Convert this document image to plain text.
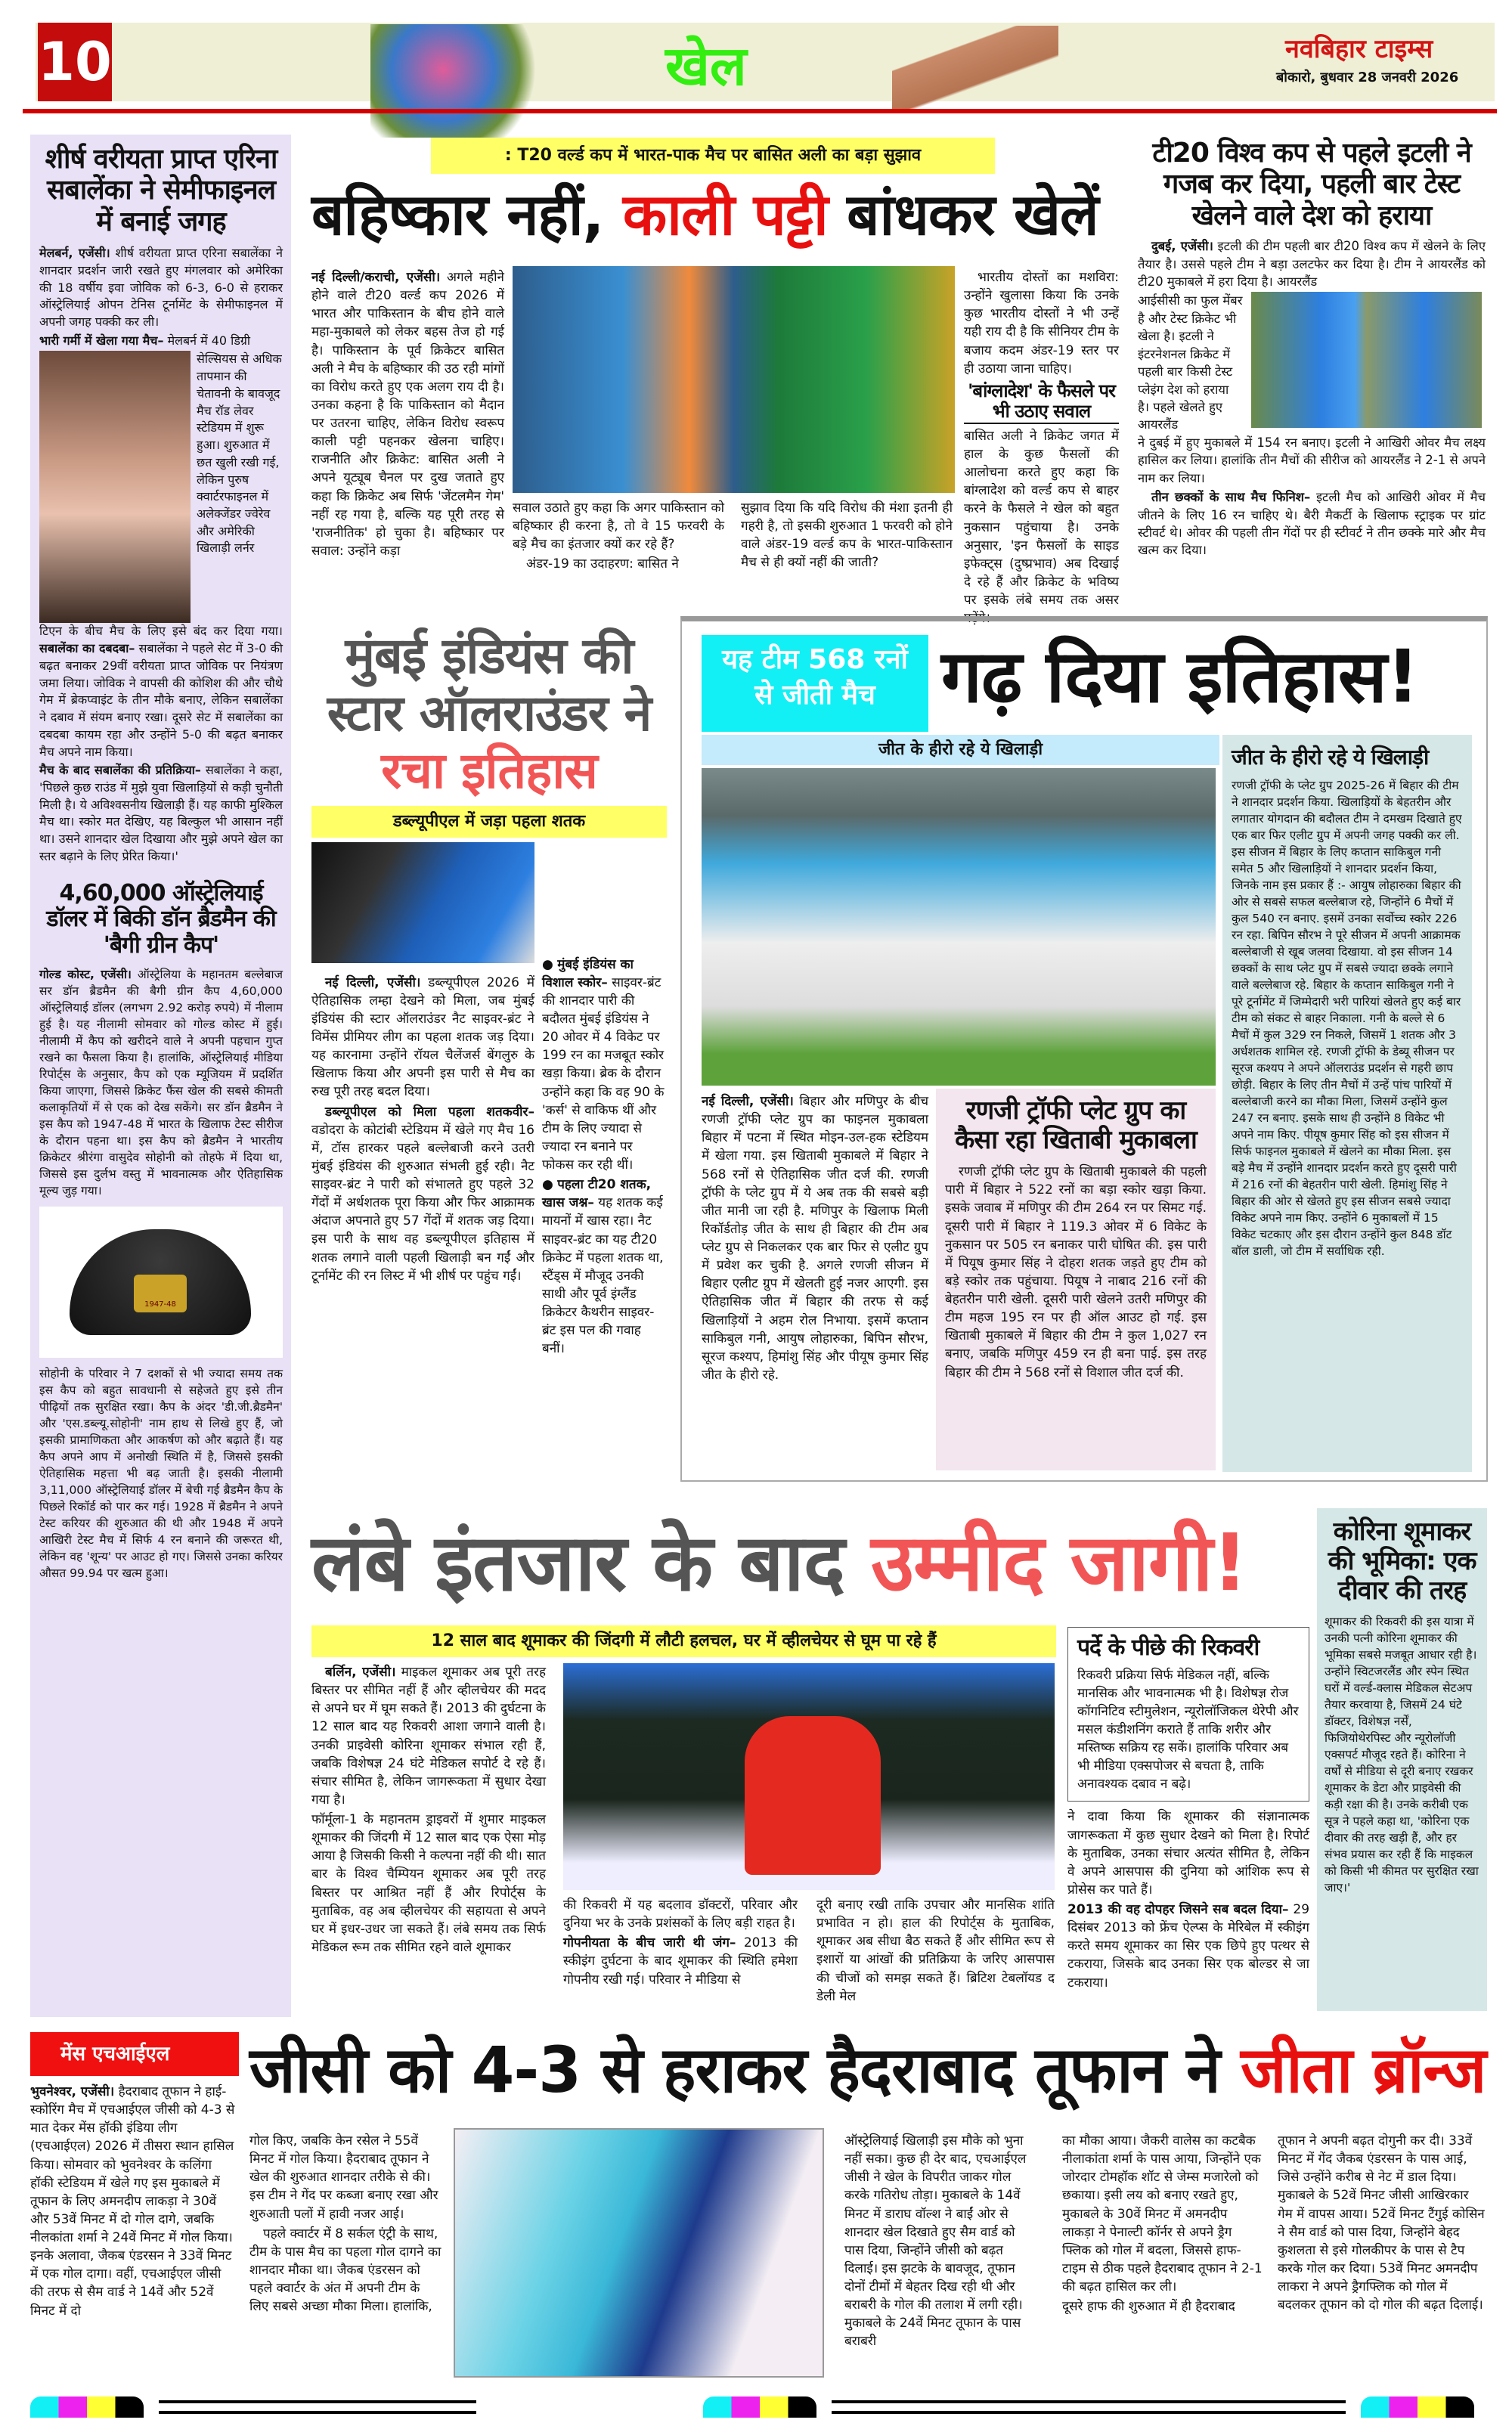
10	खेल	नवबिहार टाइम्स
बोकारो, बुधवार 28 जनवरी 2026
शीर्ष वरीयता प्राप्त एरिना सबालेंका ने सेमीफाइनल में बनाई जगह

मेलबर्न, एजेंसी। शीर्ष वरीयता प्राप्त एरिना सबालेंका ने शानदार प्रदर्शन जारी रखते हुए मंगलवार को अमेरिका की 18 वर्षीय इवा जोविक को 6-3, 6-0 से हराकर ऑस्ट्रेलियाई ओपन टेनिस टूर्नामेंट के सेमीफाइनल में अपनी जगह पक्की कर ली।

भारी गर्मी में खेला गया मैच– मेलबर्न में 40 डिग्री

सेल्सियस से अधिक तापमान की चेतावनी के बावजूद मैच रॉड लेवर स्टेडियम में शुरू हुआ। शुरुआत में छत खुली रखी गई, लेकिन पुरुष क्वार्टरफाइनल में अलेक्जेंडर ज्वेरेव और अमेरिकी खिलाड़ी लर्नर

टिएन के बीच मैच के लिए इसे बंद कर दिया गया। सबालेंका का दबदबा– सबालेंका ने पहले सेट में 3-0 की बढ़त बनाकर 29वीं वरीयता प्राप्त जोविक पर नियंत्रण जमा लिया। जोविक ने वापसी की कोशिश की और चौथे गेम में ब्रेकप्वाइंट के तीन मौके बनाए, लेकिन सबालेंका ने दबाव में संयम बनाए रखा। दूसरे सेट में सबालेंका का दबदबा कायम रहा और उन्होंने 5-0 की बढ़त बनाकर मैच अपने नाम किया।

मैच के बाद सबालेंका की प्रतिक्रिया– सबालेंका ने कहा, 'पिछले कुछ राउंड में मुझे युवा खिलाड़ियों से कड़ी चुनौती मिली है। ये अविश्वसनीय खिलाड़ी हैं। यह काफी मुश्किल मैच था। स्कोर मत देखिए, यह बिल्कुल भी आसान नहीं था। उसने शानदार खेल दिखाया और मुझे अपने खेल का स्तर बढ़ाने के लिए प्रेरित किया।'

4,60,000 ऑस्ट्रेलियाई डॉलर में बिकी डॉन ब्रैडमैन की 'बैगी ग्रीन कैप'

गोल्ड कोस्ट, एजेंसी। ऑस्ट्रेलिया के महानतम बल्लेबाज सर डॉन ब्रैडमैन की बैगी ग्रीन कैप 4,60,000 ऑस्ट्रेलियाई डॉलर (लगभग 2.92 करोड़ रुपये) में नीलाम हुई है। यह नीलामी सोमवार को गोल्ड कोस्ट में हुई। नीलामी में कैप को खरीदने वाले ने अपनी पहचान गुप्त रखने का फैसला किया है। हालांकि, ऑस्ट्रेलियाई मीडिया रिपोर्ट्स के अनुसार, कैप को एक म्यूजियम में प्रदर्शित किया जाएगा, जिससे क्रिकेट फैंस खेल की सबसे कीमती कलाकृतियों में से एक को देख सकेंगे। सर डॉन ब्रैडमैन ने इस कैप को 1947-48 में भारत के खिलाफ टेस्ट सीरीज के दौरान पहना था। इस कैप को ब्रैडमैन ने भारतीय क्रिकेटर श्रीरंगा वासुदेव सोहोनी को तोहफे में दिया था, जिससे इस दुर्लभ वस्तु में भावनात्मक और ऐतिहासिक मूल्य जुड़ गया।

1947-48

सोहोनी के परिवार ने 7 दशकों से भी ज्यादा समय तक इस कैप को बहुत सावधानी से सहेजते हुए इसे तीन पीढ़ियों तक सुरक्षित रखा। कैप के अंदर 'डी.जी.ब्रैडमैन' और 'एस.डब्ल्यू.सोहोनी' नाम हाथ से लिखे हुए हैं, जो इसकी प्रामाणिकता और आकर्षण को और बढ़ाते हैं। यह कैप अपने आप में अनोखी स्थिति में है, जिससे इसकी ऐतिहासिक महत्ता भी बढ़ जाती है। इसकी नीलामी 3,11,000 ऑस्ट्रेलियाई डॉलर में बेची गई ब्रैडमैन कैप के पिछले रिकॉर्ड को पार कर गई। 1928 में ब्रैडमैन ने अपने टेस्ट करियर की शुरुआत की थी और 1948 में अपने आखिरी टेस्ट मैच में सिर्फ 4 रन बनाने की जरूरत थी, लेकिन वह 'शून्य' पर आउट हो गए। जिससे उनका करियर औसत 99.94 पर खत्म हुआ।

: T20 वर्ल्ड कप में भारत-पाक मैच पर बासित अली का बड़ा सुझाव
बहिष्कार नहीं, काली पट्टी बांधकर खेलें

नई दिल्ली/कराची, एजेंसी। अगले महीने होने वाले टी20 वर्ल्ड कप 2026 में भारत और पाकिस्तान के बीच होने वाले महा-मुकाबले को लेकर बहस तेज हो गई है। पाकिस्तान के पूर्व क्रिकेटर बासित अली ने मैच के बहिष्कार की उठ रही मांगों का विरोध करते हुए एक अलग राय दी है। उनका कहना है कि पाकिस्तान को मैदान पर उतरना चाहिए, लेकिन विरोध स्वरूप काली पट्टी पहनकर खेलना चाहिए। राजनीति और क्रिकेट: बासित अली ने अपने यूट्यूब चैनल पर दुख जताते हुए कहा कि क्रिकेट अब सिर्फ 'जेंटलमैन गेम' नहीं रह गया है, बल्कि यह पूरी तरह से 'राजनीतिक' हो चुका है। बहिष्कार पर सवाल: उन्होंने कड़ा

सवाल उठाते हुए कहा कि अगर पाकिस्तान को बहिष्कार ही करना है, तो वे 15 फरवरी के बड़े मैच का इंतजार क्यों कर रहे हैं?

अंडर-19 का उदाहरण: बासित ने

सुझाव दिया कि यदि विरोध की मंशा इतनी ही गहरी है, तो इसकी शुरुआत 1 फरवरी को होने वाले अंडर-19 वर्ल्ड कप के भारत-पाकिस्तान मैच से ही क्यों नहीं की जाती?

भारतीय दोस्तों का मशविरा: उन्होंने खुलासा किया कि उनके कुछ भारतीय दोस्तों ने भी उन्हें यही राय दी है कि सीनियर टीम के बजाय कदम अंडर-19 स्तर पर ही उठाया जाना चाहिए।

'बांग्लादेश' के फैसले पर भी उठाए सवाल

बासित अली ने क्रिकेट जगत में हाल के कुछ फैसलों की आलोचना करते हुए कहा कि बांग्लादेश को वर्ल्ड कप से बाहर करने के फैसले ने खेल को बहुत नुकसान पहुंचाया है। उनके अनुसार, 'इन फैसलों के साइड इफेक्ट्स (दुष्प्रभाव) अब दिखाई दे रहे हैं और क्रिकेट के भविष्य पर इसके लंबे समय तक असर पड़ेंगे।

टी20 विश्व कप से पहले इटली ने गजब कर दिया, पहली बार टेस्ट खेलने वाले देश को हराया

दुबई, एजेंसी। इटली की टीम पहली बार टी20 विश्व कप में खेलने के लिए तैयार है। उससे पहले टीम ने बड़ा उलटफेर कर दिया है। टीम ने आयरलैंड को टी20 मुकाबले में हरा दिया है। आयरलैंड

आईसीसी का फुल मेंबर है और टेस्ट क्रिकेट भी खेला है। इटली ने इंटरनेशनल क्रिकेट में पहली बार किसी टेस्ट प्लेइंग देश को हराया है। पहले खेलते हुए आयरलैंड

ने दुबई में हुए मुकाबले में 154 रन बनाए। इटली ने आखिरी ओवर मैच लक्ष्य हासिल कर लिया। हालांकि तीन मैचों की सीरीज को आयरलैंड ने 2-1 से अपने नाम कर लिया।

तीन छक्कों के साथ मैच फिनिश– इटली मैच को आखिरी ओवर में मैच जीतने के लिए 16 रन चाहिए थे। बैरी मैकर्टी के खिलाफ स्ट्राइक पर ग्रांट स्टीवर्ट थे। ओवर की पहली तीन गेंदों पर ही स्टीवर्ट ने तीन छक्के मारे और मैच खत्म कर दिया।

मुंबई इंडियंस की स्टार ऑलराउंडर ने रचा इतिहास
डब्ल्यूपीएल में जड़ा पहला शतक

नई दिल्ली, एजेंसी। डब्ल्यूपीएल 2026 में ऐतिहासिक लम्हा देखने को मिला, जब मुंबई इंडियंस की स्टार ऑलराउंडर नैट साइवर-ब्रंट ने विमेंस प्रीमियर लीग का पहला शतक जड़ दिया। यह कारनामा उन्होंने रॉयल चैलेंजर्स बेंगलुरु के खिलाफ किया और अपनी इस पारी से मैच का रुख पूरी तरह बदल दिया।

डब्ल्यूपीएल को मिला पहला शतकवीर– वडोदरा के कोटांबी स्टेडियम में खेले गए मैच 16 में, टॉस हारकर पहले बल्लेबाजी करने उतरी मुंबई इंडियंस की शुरुआत संभली हुई रही। नैट साइवर-ब्रंट ने पारी को संभालते हुए पहले 32 गेंदों में अर्धशतक पूरा किया और फिर आक्रामक अंदाज अपनाते हुए 57 गेंदों में शतक जड़ दिया। इस पारी के साथ वह डब्ल्यूपीएल इतिहास में शतक लगाने वाली पहली खिलाड़ी बन गईं और टूर्नामेंट की रन लिस्ट में भी शीर्ष पर पहुंच गईं।

● मुंबई इंडियंस का विशाल स्कोर– साइवर-ब्रंट की शानदार पारी की बदौलत मुंबई इंडियंस ने 20 ओवर में 4 विकेट पर 199 रन का मजबूत स्कोर खड़ा किया। ब्रेक के दौरान उन्होंने कहा कि वह 90 के 'कर्स' से वाकिफ थीं और टीम के लिए ज्यादा से ज्यादा रन बनाने पर फोकस कर रही थीं।

● पहला टी20 शतक, खास जश्न– यह शतक कई मायनों में खास रहा। नैट साइवर-ब्रंट का यह टी20 क्रिकेट में पहला शतक था, स्टैंड्स में मौजूद उनकी साथी और पूर्व इंग्लैंड क्रिकेटर कैथरीन साइवर-ब्रंट इस पल की गवाह बनीं।

यह टीम 568 रनों से जीती मैच गढ़ दिया इतिहास!
जीत के हीरो रहे ये खिलाड़ी

नई दिल्ली, एजेंसी। बिहार और मणिपुर के बीच रणजी ट्रॉफी प्लेट ग्रुप का फाइनल मुकाबला बिहार में पटना में स्थित मोइन-उल-हक स्टेडियम में खेला गया. इस खिताबी मुकाबले में बिहार ने 568 रनों से ऐतिहासिक जीत दर्ज की. रणजी ट्रॉफी के प्लेट ग्रुप में ये अब तक की सबसे बड़ी जीत मानी जा रही है. मणिपुर के खिलाफ मिली रिकॉर्डतोड़ जीत के साथ ही बिहार की टीम अब प्लेट ग्रुप से निकलकर एक बार फिर से एलीट ग्रुप में प्रवेश कर चुकी है. अगले रणजी सीजन में बिहार एलीट ग्रुप में खेलती हुई नजर आएगी. इस ऐतिहासिक जीत में बिहार की तरफ से कई खिलाड़ियों ने अहम रोल निभाया. इसमें कप्तान साकिबुल गनी, आयुष लोहारुका, बिपिन सौरभ, सूरज कश्यप, हिमांशु सिंह और पीयूष कुमार सिंह जीत के हीरो रहे.

रणजी ट्रॉफी प्लेट ग्रुप का कैसा रहा खिताबी मुकाबला

रणजी ट्रॉफी प्लेट ग्रुप के खिताबी मुकाबले की पहली पारी में बिहार ने 522 रनों का बड़ा स्कोर खड़ा किया. इसके जवाब में मणिपुर की टीम 264 रन पर सिमट गई. दूसरी पारी में बिहार ने 119.3 ओवर में 6 विकेट के नुकसान पर 505 रन बनाकर पारी घोषित की. इस पारी में पियूष कुमार सिंह ने दोहरा शतक जड़ते हुए टीम को बड़े स्कोर तक पहुंचाया. पियूष ने नाबाद 216 रनों की बेहतरीन पारी खेली. दूसरी पारी खेलने उतरी मणिपुर की टीम महज 195 रन पर ही ऑल आउट हो गई. इस खिताबी मुकाबले में बिहार की टीम ने कुल 1,027 रन बनाए, जबकि मणिपुर 459 रन ही बना पाई. इस तरह बिहार की टीम ने 568 रनों से विशाल जीत दर्ज की.

जीत के हीरो रहे ये खिलाड़ी

रणजी ट्रॉफी के प्लेट ग्रुप 2025-26 में बिहार की टीम ने शानदार प्रदर्शन किया. खिलाड़ियों के बेहतरीन और लगातार योगदान की बदौलत टीम ने दमखम दिखाते हुए एक बार फिर एलीट ग्रुप में अपनी जगह पक्की कर ली. इस सीजन में बिहार के लिए कप्तान साकिबुल गनी समेत 5 और खिलाड़ियों ने शानदार प्रदर्शन किया, जिनके नाम इस प्रकार हैं :- आयुष लोहारुका बिहार की ओर से सबसे सफल बल्लेबाज रहे, जिन्होंने 6 मैचों में कुल 540 रन बनाए. इसमें उनका सर्वोच्च स्कोर 226 रन रहा. बिपिन सौरभ ने पूरे सीजन में अपनी आक्रामक बल्लेबाजी से खूब जलवा दिखाया. वो इस सीजन 14 छक्कों के साथ प्लेट ग्रुप में सबसे ज्यादा छक्के लगाने वाले बल्लेबाज रहे. बिहार के कप्तान साकिबुल गनी ने पूरे टूर्नामेंट में जिम्मेदारी भरी पारियां खेलते हुए कई बार टीम को संकट से बाहर निकाला. गनी के बल्ले से 6 मैचों में कुल 329 रन निकले, जिसमें 1 शतक और 3 अर्धशतक शामिल रहे. रणजी ट्रॉफी के डेब्यू सीजन पर सूरज कश्यप ने अपने ऑलराउंड प्रदर्शन से गहरी छाप छोड़ी. बिहार के लिए तीन मैचों में उन्हें पांच पारियों में बल्लेबाजी करने का मौका मिला, जिसमें उन्होंने कुल 247 रन बनाए. इसके साथ ही उन्होंने 8 विकेट भी अपने नाम किए. पीयूष कुमार सिंह को इस सीजन में सिर्फ फाइनल मुकाबले में खेलने का मौका मिला. इस बड़े मैच में उन्होंने शानदार प्रदर्शन करते हुए दूसरी पारी में 216 रनों की बेहतरीन पारी खेली. हिमांशु सिंह ने बिहार की ओर से खेलते हुए इस सीजन सबसे ज्यादा विकेट अपने नाम किए. उन्होंने 6 मुकाबलों में 15 विकेट चटकाए और इस दौरान उन्होंने कुल 848 डॉट बॉल डाली, जो टीम में सर्वाधिक रही.

लंबे इंतजार के बाद उम्मीद जागी!
12 साल बाद शूमाकर की जिंदगी में लौटी हलचल, घर में व्हीलचेयर से घूम पा रहे हैं

बर्लिन, एजेंसी। माइकल शूमाकर अब पूरी तरह बिस्तर पर सीमित नहीं हैं और व्हीलचेयर की मदद से अपने घर में घूम सकते हैं। 2013 की दुर्घटना के 12 साल बाद यह रिकवरी आशा जगाने वाली है। उनकी प्राइवेसी कोरिना शूमाकर संभाल रही हैं, जबकि विशेषज्ञ 24 घंटे मेडिकल सपोर्ट दे रहे हैं। संचार सीमित है, लेकिन जागरूकता में सुधार देखा गया है।

फॉर्मूला-1 के महानतम ड्राइवरों में शुमार माइकल शूमाकर की जिंदगी में 12 साल बाद एक ऐसा मोड़ आया है जिसकी किसी ने कल्पना नहीं की थी। सात बार के विश्व चैम्पियन शूमाकर अब पूरी तरह बिस्तर पर आश्रित नहीं हैं और रिपोर्ट्स के मुताबिक, वह अब व्हीलचेयर की सहायता से अपने घर में इधर-उधर जा सकते हैं। लंबे समय तक सिर्फ मेडिकल रूम तक सीमित रहने वाले शूमाकर

की रिकवरी में यह बदलाव डॉक्टरों, परिवार और दुनिया भर के उनके प्रशंसकों के लिए बड़ी राहत है।

गोपनीयता के बीच जारी थी जंग– 2013 की स्कीइंग दुर्घटना के बाद शूमाकर की स्थिति हमेशा गोपनीय रखी गई। परिवार ने मीडिया से

दूरी बनाए रखी ताकि उपचार और मानसिक शांति प्रभावित न हो। हाल की रिपोर्ट्स के मुताबिक, शूमाकर अब सीधा बैठ सकते हैं और सीमित रूप से इशारों या आंखों की प्रतिक्रिया के जरिए आसपास की चीजों को समझ सकते हैं। ब्रिटिश टेबलॉयड द डेली मेल

पर्दे के पीछे की रिकवरी

रिकवरी प्रक्रिया सिर्फ मेडिकल नहीं, बल्कि मानसिक और भावनात्मक भी है। विशेषज्ञ रोज कॉगनिटिव स्टीमुलेशन, न्यूरोलॉजिकल थेरेपी और मसल कंडीशनिंग कराते हैं ताकि शरीर और मस्तिष्क सक्रिय रह सकें। हालांकि परिवार अब भी मीडिया एक्सपोजर से बचता है, ताकि अनावश्यक दबाव न बढ़े।

ने दावा किया कि शूमाकर की संज्ञानात्मक जागरूकता में कुछ सुधार देखने को मिला है। रिपोर्ट के मुताबिक, उनका संचार अत्यंत सीमित है, लेकिन वे अपने आसपास की दुनिया को आंशिक रूप से प्रोसेस कर पाते हैं।

2013 की वह दोपहर जिसने सब बदल दिया– 29 दिसंबर 2013 को फ्रेंच ऐल्प्स के मेरिबेल में स्कीइंग करते समय शूमाकर का सिर एक छिपे हुए पत्थर से टकराया, जिसके बाद उनका सिर एक बोल्डर से जा टकराया।

कोरिना शूमाकर की भूमिका: एक दीवार की तरह

शूमाकर की रिकवरी की इस यात्रा में उनकी पत्नी कोरिना शूमाकर की भूमिका सबसे मजबूत आधार रही है। उन्होंने स्विटजरलैंड और स्पेन स्थित घरों में वर्ल्ड-क्लास मेडिकल सेटअप तैयार करवाया है, जिसमें 24 घंटे डॉक्टर, विशेषज्ञ नर्सें, फिजियोथेरपिस्ट और न्यूरोलॉजी एक्सपर्ट मौजूद रहते हैं। कोरिना ने वर्षों से मीडिया से दूरी बनाए रखकर शूमाकर के डेटा और प्राइवेसी की कड़ी रक्षा की है। उनके करीबी एक सूत्र ने पहले कहा था, 'कोरिना एक दीवार की तरह खड़ी हैं, और हर संभव प्रयास कर रही हैं कि माइकल को किसी भी कीमत पर सुरक्षित रखा जाए।'

मेंस एचआईएल	जीसी को 4-3 से हराकर हैदराबाद तूफान ने जीता ब्रॉन्ज

भुवनेश्वर, एजेंसी। हैदराबाद तूफान ने हाई-स्कोरिंग मैच में एचआईएल जीसी को 4-3 से मात देकर मेंस हॉकी इंडिया लीग (एचआईएल) 2026 में तीसरा स्थान हासिल किया। सोमवार को भुवनेश्वर के कलिंगा हॉकी स्टेडियम में खेले गए इस मुकाबले में तूफान के लिए अमनदीप लाकड़ा ने 30वें और 53वें मिनट में दो गोल दागे, जबकि नीलकांता शर्मा ने 24वें मिनट में गोल किया। इनके अलावा, जैकब एंडरसन ने 33वें मिनट में एक गोल दागा। वहीं, एचआईएल जीसी की तरफ से सैम वार्ड ने 14वें और 52वें मिनट में दो

गोल किए, जबकि केन रसेल ने 55वें मिनट में गोल किया। हैदराबाद तूफान ने खेल की शुरुआत शानदार तरीके से की। इस टीम ने गेंद पर कब्जा बनाए रखा और शुरुआती पलों में हावी नजर आई।

पहले क्वार्टर में 8 सर्कल एंट्री के साथ, टीम के पास मैच का पहला गोल दागने का शानदार मौका था। जैकब एंडरसन को पहले क्वार्टर के अंत में अपनी टीम के लिए सबसे अच्छा मौका मिला। हालांकि,

ऑस्ट्रेलियाई खिलाड़ी इस मौके को भुना नहीं सका। कुछ ही देर बाद, एचआईएल जीसी ने खेल के विपरीत जाकर गोल करके गतिरोध तोड़ा। मुकाबले के 14वें मिनट में डाराघ वॉल्श ने बाईं ओर से शानदार खेल दिखाते हुए सैम वार्ड को पास दिया, जिन्होंने जीसी को बढ़त दिलाई। इस झटके के बावजूद, तूफान दोनों टीमों में बेहतर दिख रही थी और बराबरी के गोल की तलाश में लगी रही। मुकाबले के 24वें मिनट तूफान के पास बराबरी

का मौका आया। जैकरी वालेस का कटबैक नीलाकांता शर्मा के पास आया, जिन्होंने एक जोरदार टोमहॉक शॉट से जेम्स मजारेलो को छकाया। इसी लय को बनाए रखते हुए, मुकाबले के 30वें मिनट में अमनदीप लाकड़ा ने पेनाल्टी कॉर्नर से अपने ड्रैग फ्लिक को गोल में बदला, जिससे हाफ-टाइम से ठीक पहले हैदराबाद तूफान ने 2-1 की बढ़त हासिल कर ली।

दूसरे हाफ की शुरुआत में ही हैदराबाद

तूफान ने अपनी बढ़त दोगुनी कर दी। 33वें मिनट में गेंद जैकब एंडरसन के पास आई, जिसे उन्होंने करीब से नेट में डाल दिया। मुकाबले के 52वें मिनट जीसी आखिरकार गेम में वापस आया। 52वें मिनट टैंगुई कोसिन ने सैम वार्ड को पास दिया, जिन्होंने बेहद कुशलता से इसे गोलकीपर के पास से टैप करके गोल कर दिया। 53वें मिनट अमनदीप लाकरा ने अपने ड्रैगफ्लिक को गोल में बदलकर तूफान को दो गोल की बढ़त दिलाई।
